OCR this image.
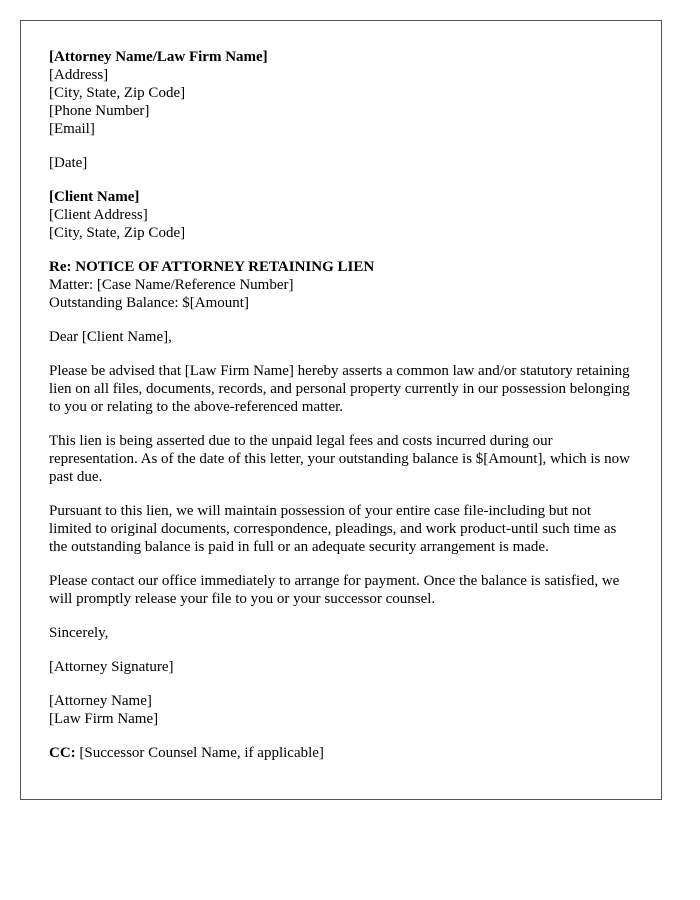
[Attorney Name/Law Firm Name]
[Address]
[City, State, Zip Code]
[Phone Number]
[Email]
[Date]
[Client Name]
[Client Address]
[City, State, Zip Code]
Re: NOTICE OF ATTORNEY RETAINING LIEN
Matter: [Case Name/Reference Number]
Outstanding Balance: $[Amount]

Dear [Client Name],

Please be advised that [Law Firm Name] hereby asserts a common law and/or statutory retaining lien on all files, documents, records, and personal property currently in our possession belonging to you or relating to the above-referenced matter.

This lien is being asserted due to the unpaid legal fees and costs incurred during our representation. As of the date of this letter, your outstanding balance is $[Amount], which is now past due.

Pursuant to this lien, we will maintain possession of your entire case file-including but not limited to original documents, correspondence, pleadings, and work product-until such time as the outstanding balance is paid in full or an adequate security arrangement is made.

Please contact our office immediately to arrange for payment. Once the balance is satisfied, we will promptly release your file to you or your successor counsel.

Sincerely,

[Attorney Signature]

[Attorney Name]
[Law Firm Name]
CC: [Successor Counsel Name, if applicable]
